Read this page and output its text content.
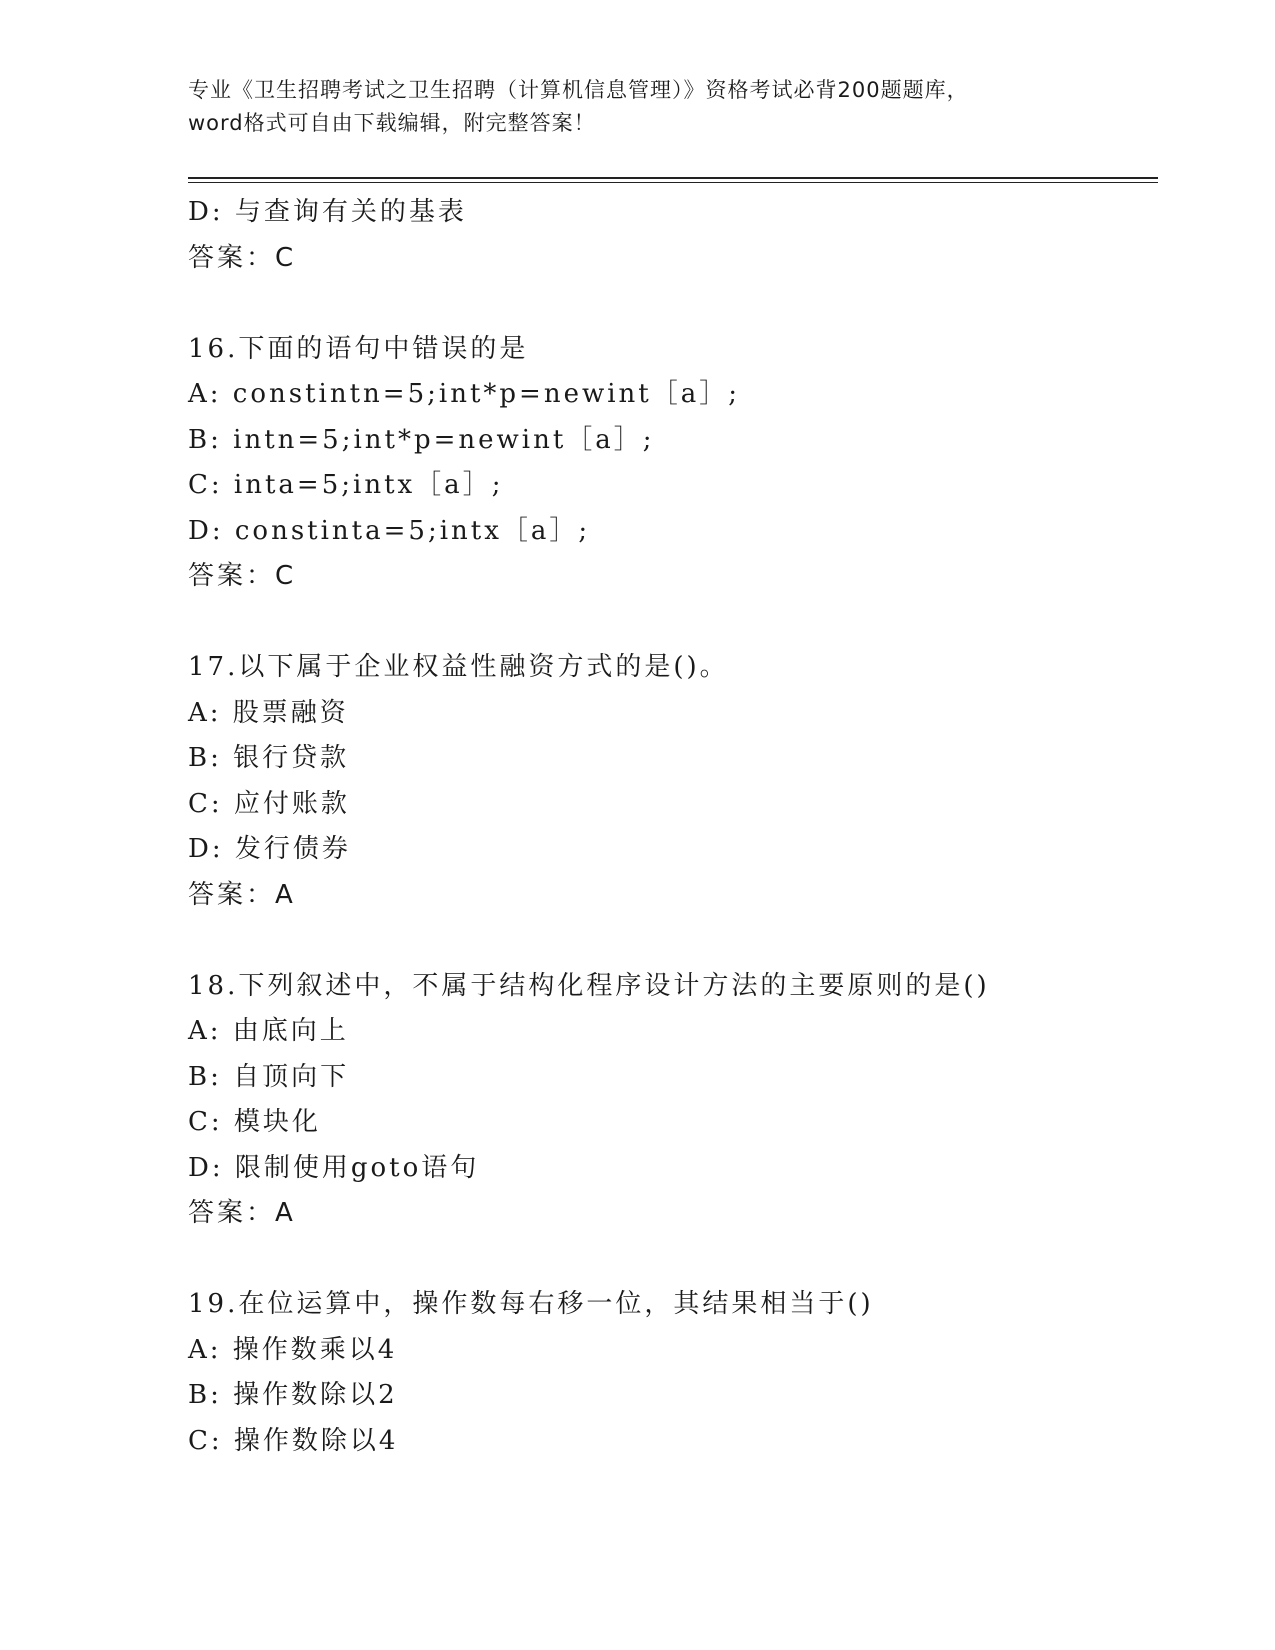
专业《卫生招聘考试之卫生招聘（计算机信息管理）》资格考试必背200题题库，
word格式可自由下载编辑，附完整答案！
D: 与查询有关的基表
答案：C
16.下面的语句中错误的是
A: constintn=5;int*p=newint［a］;
B: intn=5;int*p=newint［a］;
C: inta=5;intx［a］;
D: constinta=5;intx［a］;
答案：C
17.以下属于企业权益性融资方式的是()。
A: 股票融资
B: 银行贷款
C: 应付账款
D: 发行债券
答案：A
18.下列叙述中，不属于结构化程序设计方法的主要原则的是()
A: 由底向上
B: 自顶向下
C: 模块化
D: 限制使用goto语句
答案：A
19.在位运算中，操作数每右移一位，其结果相当于()
A: 操作数乘以4
B: 操作数除以2
C: 操作数除以4
